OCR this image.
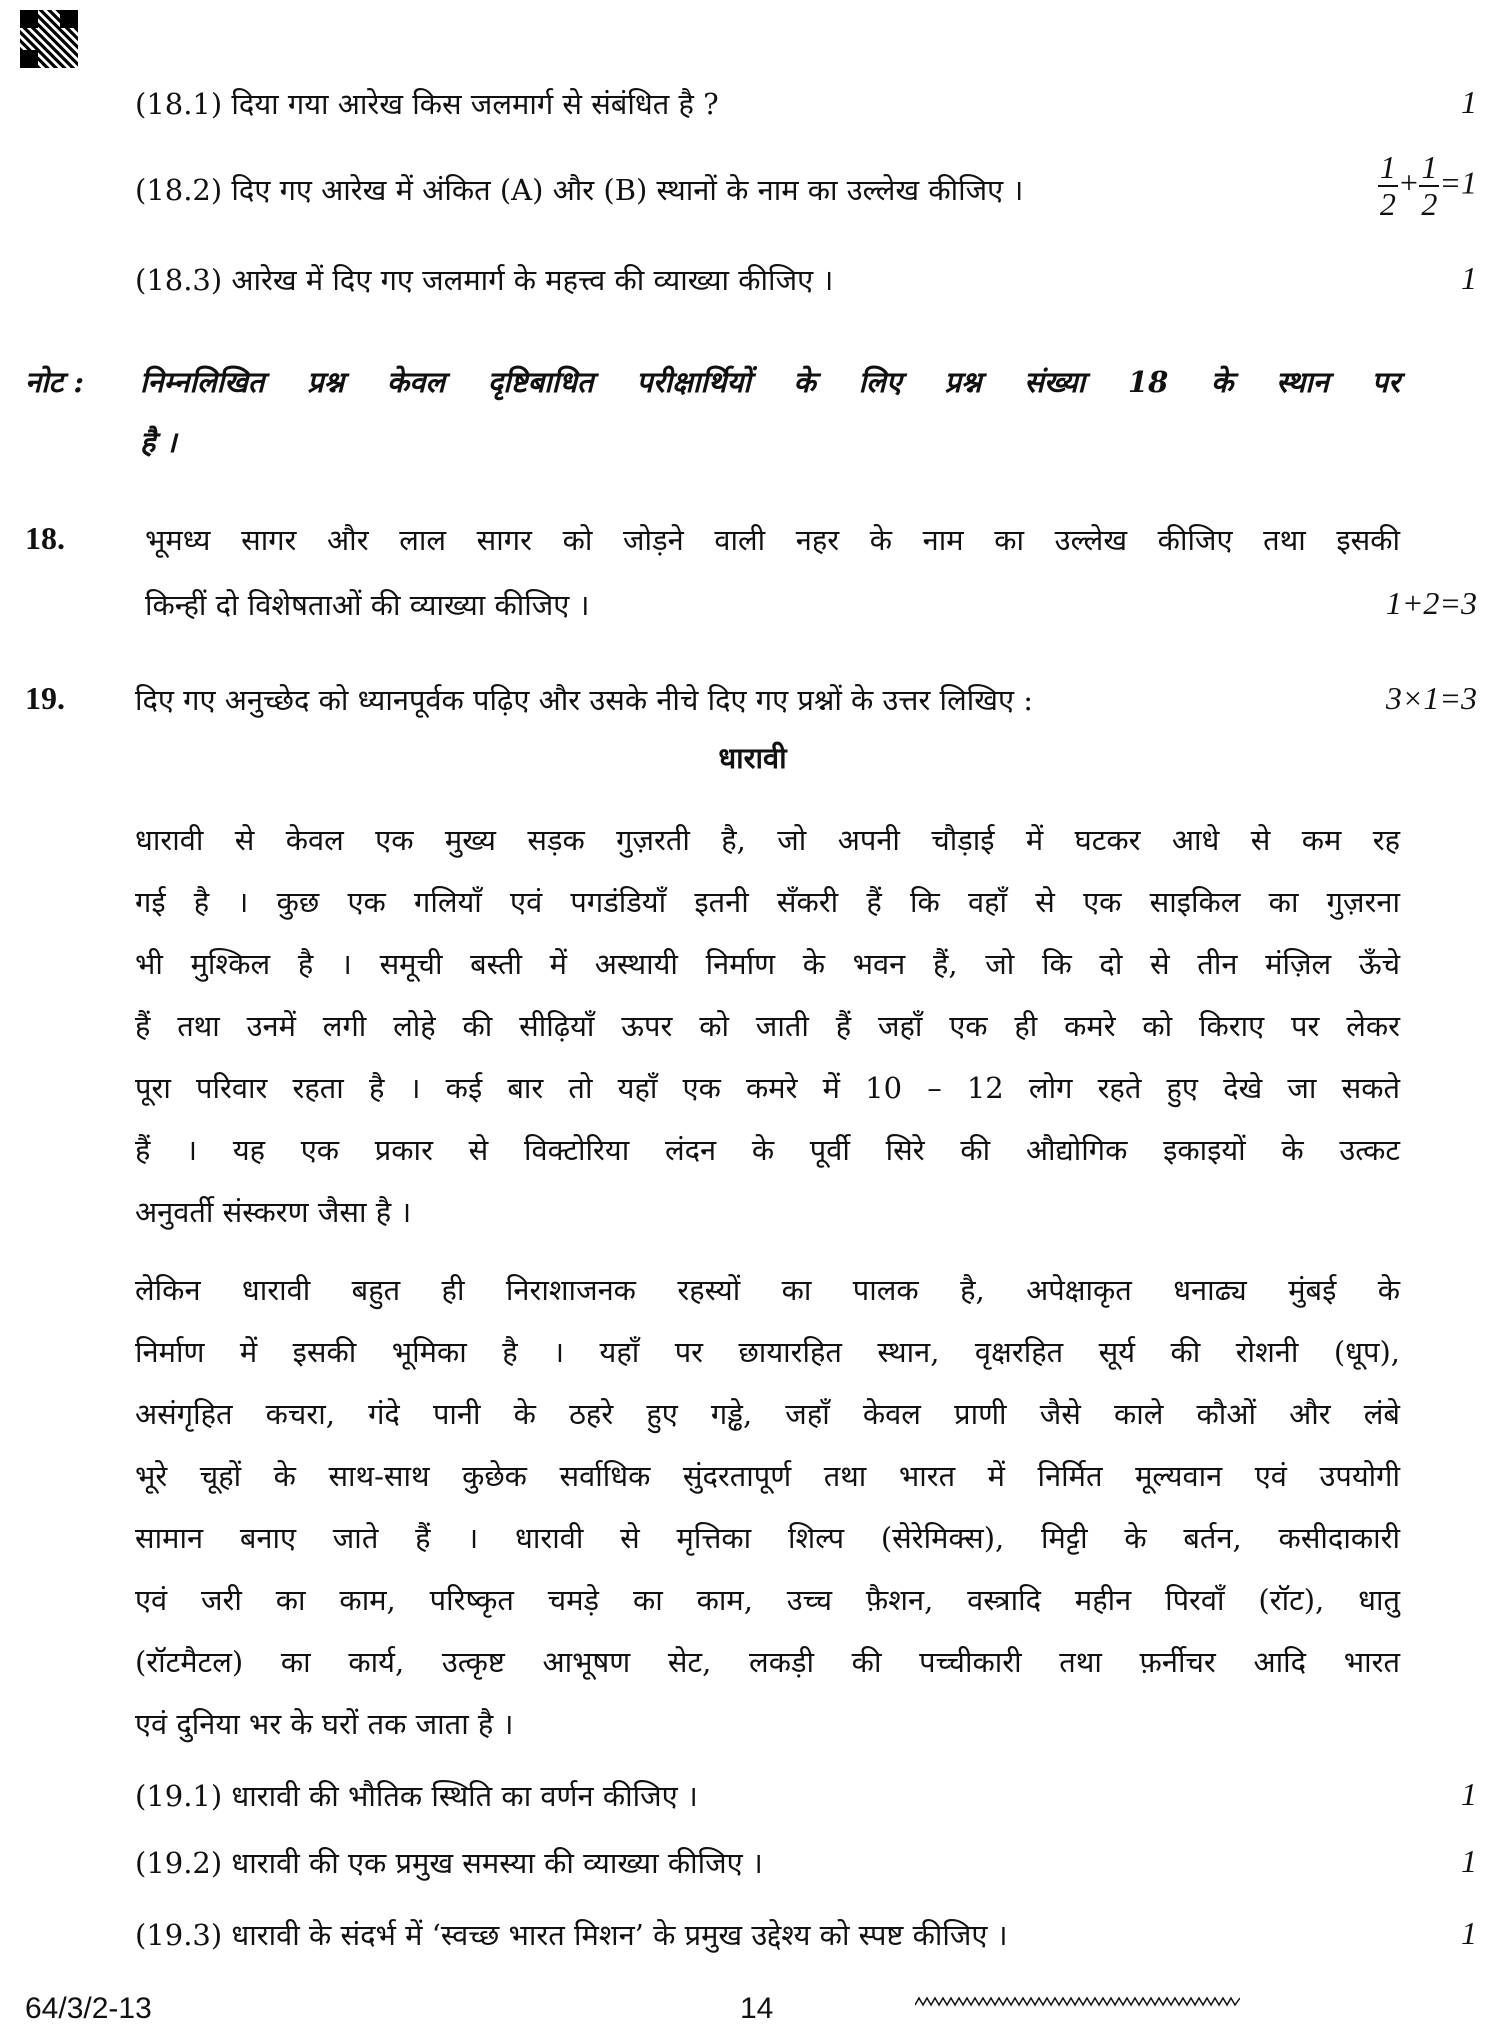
(18.1) दिया गया आरेख किस जलमार्ग से संबंधित है ?	1
(18.2) दिए गए आरेख में अंकित (A) और (B) स्थानों के नाम का उल्लेख कीजिए ।	$\frac{1}{2} + \frac{1}{2} =1$
(18.3) आरेख में दिए गए जलमार्ग के महत्त्व की व्याख्या कीजिए ।	1
नोट : निम्नलिखित प्रश्न केवल दृष्टिबाधित परीक्षार्थियों के लिए प्रश्न संख्या 18 के स्थान पर
है ।
18.	भूमध्य सागर और लाल सागर को जोड़ने वाली नहर के नाम का उल्लेख कीजिए तथा इसकी
किन्हीं दो विशेषताओं की व्याख्या कीजिए ।	1+2=3
19. दिए गए अनुच्छेद को ध्यानपूर्वक पढ़िए और उसके नीचे दिए गए प्रश्नों के उत्तर लिखिए :	3×1=3
धारावी
धारावी से केवल एक मुख्य सड़क गुज़रती है, जो अपनी चौड़ाई में घटकर आधे से कम रह
गई है । कुछ एक गलियाँ एवं पगडंडियाँ इतनी सँकरी हैं कि वहाँ से एक साइकिल का गुज़रना
भी मुश्किल है । समूची बस्ती में अस्थायी निर्माण के भवन हैं, जो कि दो से तीन मंज़िल ऊँचे
हैं तथा उनमें लगी लोहे की सीढ़ियाँ ऊपर को जाती हैं जहाँ एक ही कमरे को किराए पर लेकर
पूरा परिवार रहता है । कई बार तो यहाँ एक कमरे में 10 – 12 लोग रहते हुए देखे जा सकते
हैं । यह एक प्रकार से विक्टोरिया लंदन के पूर्वी सिरे की औद्योगिक इकाइयों के उत्कट
अनुवर्ती संस्करण जैसा है ।
लेकिन धारावी बहुत ही निराशाजनक रहस्यों का पालक है, अपेक्षाकृत धनाढ्य मुंबई के
निर्माण में इसकी भूमिका है । यहाँ पर छायारहित स्थान, वृक्षरहित सूर्य की रोशनी (धूप),
असंगृहित कचरा, गंदे पानी के ठहरे हुए गड्ढे, जहाँ केवल प्राणी जैसे काले कौओं और लंबे
भूरे चूहों के साथ-साथ कुछेक सर्वाधिक सुंदरतापूर्ण तथा भारत में निर्मित मूल्यवान एवं उपयोगी
सामान बनाए जाते हैं । धारावी से मृत्तिका शिल्प (सेरेमिक्स), मिट्टी के बर्तन, कसीदाकारी
एवं जरी का काम, परिष्कृत चमड़े का काम, उच्च फ़ैशन, वस्त्रादि महीन पिरवाँ (रॉट), धातु
(रॉटमैटल) का कार्य, उत्कृष्ट आभूषण सेट, लकड़ी की पच्चीकारी तथा फ़र्नीचर आदि भारत
एवं दुनिया भर के घरों तक जाता है ।
(19.1) धारावी की भौतिक स्थिति का वर्णन कीजिए ।	1
(19.2) धारावी की एक प्रमुख समस्या की व्याख्या कीजिए ।	1
(19.3) धारावी के संदर्भ में ‘स्वच्छ भारत मिशन’ के प्रमुख उद्देश्य को स्पष्ट कीजिए ।	1
64/3/2-13	14
